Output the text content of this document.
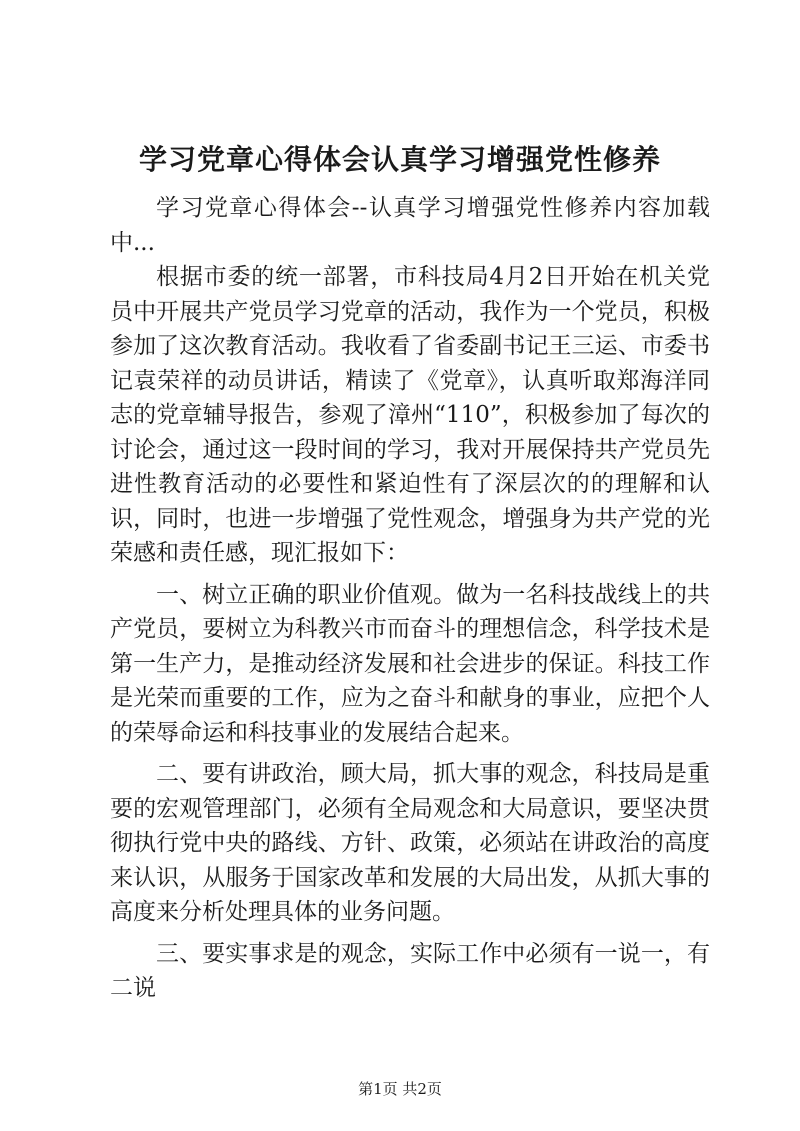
学习党章心得体会认真学习增强党性修养

学习党章心得体会--认真学习增强党性修养内容加载中...

根据市委的统一部署，市科技局4月2日开始在机关党员中开展共产党员学习党章的活动，我作为一个党员，积极参加了这次教育活动。我收看了省委副书记王三运、市委书记袁荣祥的动员讲话，精读了《党章》，认真听取郑海洋同志的党章辅导报告，参观了漳州“110”，积极参加了每次的讨论会，通过这一段时间的学习，我对开展保持共产党员先进性教育活动的必要性和紧迫性有了深层次的的理解和认识，同时，也进一步增强了党性观念，增强身为共产党的光荣感和责任感，现汇报如下：

一、树立正确的职业价值观。做为一名科技战线上的共产党员，要树立为科教兴市而奋斗的理想信念，科学技术是第一生产力，是推动经济发展和社会进步的保证。科技工作是光荣而重要的工作，应为之奋斗和献身的事业，应把个人的荣辱命运和科技事业的发展结合起来。

二、要有讲政治，顾大局，抓大事的观念，科技局是重要的宏观管理部门，必须有全局观念和大局意识，要坚决贯彻执行党中央的路线、方针、政策，必须站在讲政治的高度来认识，从服务于国家改革和发展的大局出发，从抓大事的高度来分析处理具体的业务问题。

三、要实事求是的观念，实际工作中必须有一说一，有二说

第1页 共2页
